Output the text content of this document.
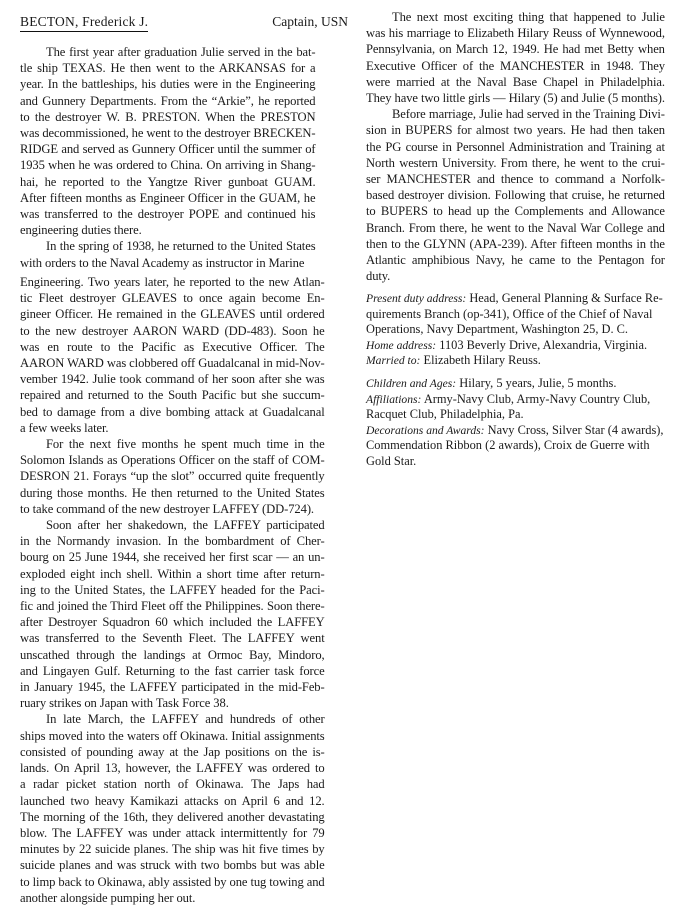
BECTON, Frederick J.	Captain, USN
The first year after graduation Julie served in the bat-
tle ship TEXAS. He then went to the ARKANSAS for a
year. In the battleships, his duties were in the Engineering
and Gunnery Departments. From the “Arkie”, he reported
to the destroyer W. B. PRESTON. When the PRESTON
was decommissioned, he went to the destroyer BRECKEN-
RIDGE and served as Gunnery Officer until the summer of
1935 when he was ordered to China. On arriving in Shang-
hai, he reported to the Yangtze River gunboat GUAM.
After fifteen months as Engineer Officer in the GUAM, he
was transferred to the destroyer POPE and continued his
engineering duties there.
In the spring of 1938, he returned to the United States
with orders to the Naval Academy as instructor in Marine
Engineering. Two years later, he reported to the new Atlan-
tic Fleet destroyer GLEAVES to once again become En-
gineer Officer. He remained in the GLEAVES until ordered
to the new destroyer AARON WARD (DD-483). Soon he
was en route to the Pacific as Executive Officer. The
AARON WARD was clobbered off Guadalcanal in mid-Nov-
vember 1942. Julie took command of her soon after she was
repaired and returned to the South Pacific but she succum-
bed to damage from a dive bombing attack at Guadalcanal
a few weeks later.
For the next five months he spent much time in the
Solomon Islands as Operations Officer on the staff of COM-
DESRON 21. Forays “up the slot” occurred quite frequently
during those months. He then returned to the United States
to take command of the new destroyer LAFFEY (DD-724).
Soon after her shakedown, the LAFFEY participated
in the Normandy invasion. In the bombardment of Cher-
bourg on 25 June 1944, she received her first scar — an un-
exploded eight inch shell. Within a short time after return-
ing to the United States, the LAFFEY headed for the Paci-
fic and joined the Third Fleet off the Philippines. Soon there-
after Destroyer Squadron 60 which included the LAFFEY
was transferred to the Seventh Fleet. The LAFFEY went
unscathed through the landings at Ormoc Bay, Mindoro,
and Lingayen Gulf. Returning to the fast carrier task force
in January 1945, the LAFFEY participated in the mid-Feb-
ruary strikes on Japan with Task Force 38.
In late March, the LAFFEY and hundreds of other
ships moved into the waters off Okinawa. Initial assignments
consisted of pounding away at the Jap positions on the is-
lands. On April 13, however, the LAFFEY was ordered to
a radar picket station north of Okinawa. The Japs had
launched two heavy Kamikazi attacks on April 6 and 12.
The morning of the 16th, they delivered another devastating
blow. The LAFFEY was under attack intermittently for 79
minutes by 22 suicide planes. The ship was hit five times by
suicide planes and was struck with two bombs but was able
to limp back to Okinawa, ably assisted by one tug towing and
another alongside pumping her out.
The next most exciting thing that happened to Julie
was his marriage to Elizabeth Hilary Reuss of Wynnewood,
Pennsylvania, on March 12, 1949. He had met Betty when
Executive Officer of the MANCHESTER in 1948. They
were married at the Naval Base Chapel in Philadelphia.
They have two little girls — Hilary (5) and Julie (5 months).
Before marriage, Julie had served in the Training Divi-
sion in BUPERS for almost two years. He had then taken
the PG course in Personnel Administration and Training at
North western University. From there, he went to the crui-
ser MANCHESTER and thence to command a Norfolk-
based destroyer division. Following that cruise, he returned
to BUPERS to head up the Complements and Allowance
Branch. From there, he went to the Naval War College and
then to the GLYNN (APA-239). After fifteen months in the
Atlantic amphibious Navy, he came to the Pentagon for
duty.
Present duty address: Head, General Planning & Surface Re-
quirements Branch (op-341), Office of the Chief of Naval
Operations, Navy Department, Washington 25, D. C.
Home address: 1103 Beverly Drive, Alexandria, Virginia.
Married to: Elizabeth Hilary Reuss.
Children and Ages: Hilary, 5 years, Julie, 5 months.
Affiliations: Army-Navy Club, Army-Navy Country Club,
Racquet Club, Philadelphia, Pa.
Decorations and Awards: Navy Cross, Silver Star (4 awards),
Commendation Ribbon (2 awards), Croix de Guerre with
Gold Star.
